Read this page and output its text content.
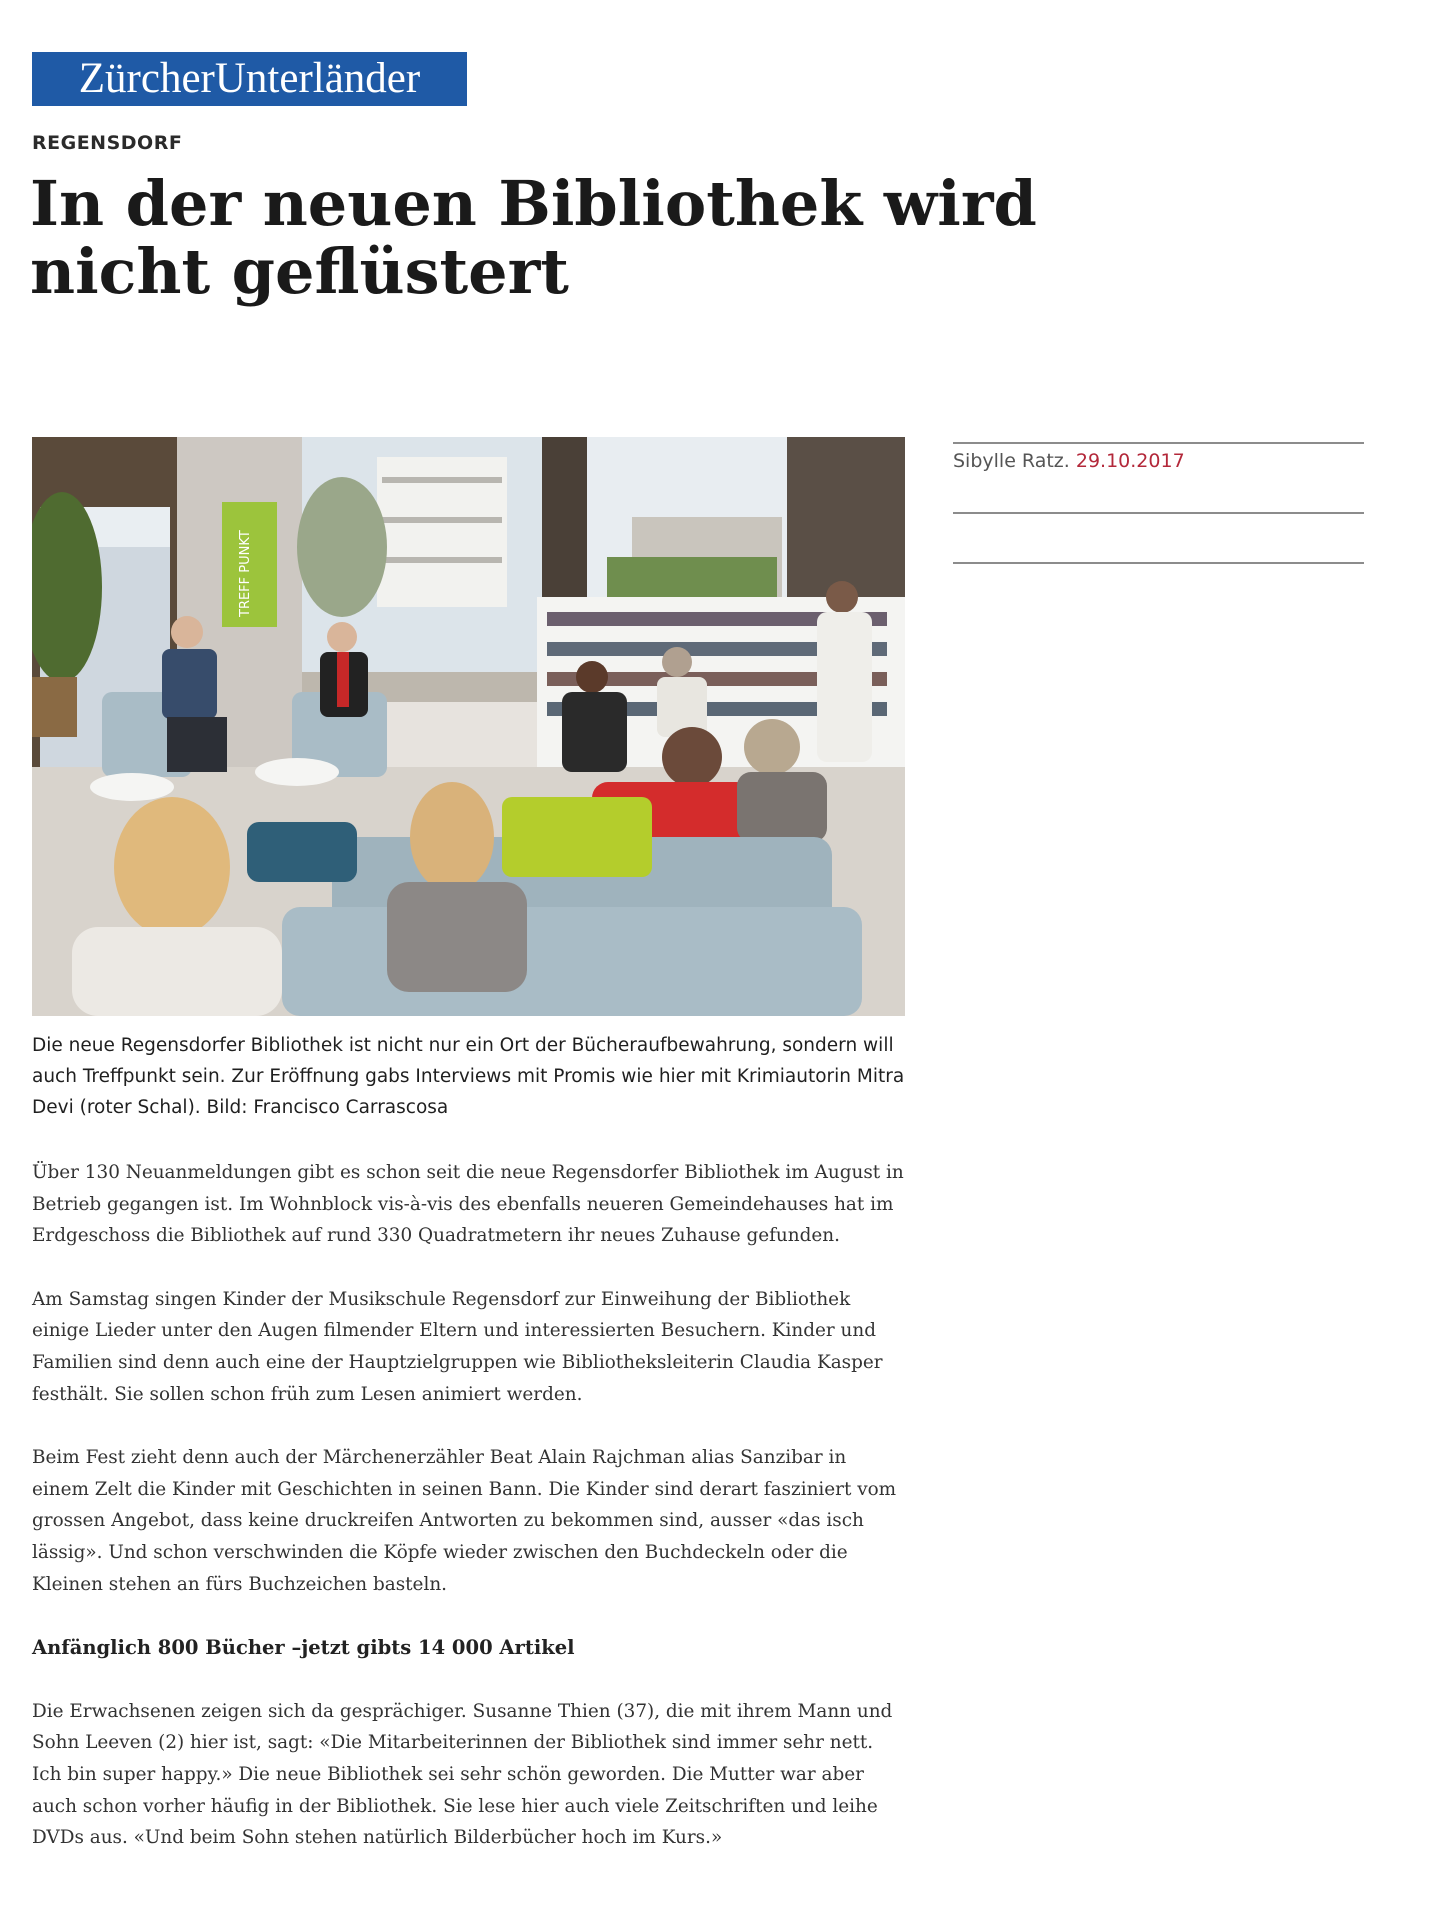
ZürcherUnterländer
REGENSDORF
In der neuen Bibliothek wird nicht geflüstert
Sibylle Ratz. 29.10.2017
TREFF PUNKT

Die neue Regensdorfer Bibliothek ist nicht nur ein Ort der Bücheraufbewahrung, sondern will auch Treffpunkt sein. Zur Eröffnung gabs Interviews mit Promis wie hier mit Krimiautorin Mitra Devi (roter Schal). Bild: Francisco Carrascosa

Über 130 Neuanmeldungen gibt es schon seit die neue Regensdorfer Bibliothek im August in Betrieb gegangen ist. Im Wohnblock vis-à-vis des ebenfalls neueren Gemeindehauses hat im Erdgeschoss die Bibliothek auf rund 330 Quadratmetern ihr neues Zuhause gefunden.

Am Samstag singen Kinder der Musikschule Regensdorf zur Einweihung der Bibliothek einige Lieder unter den Augen filmender Eltern und interessierten Besuchern. Kinder und Familien sind denn auch eine der Hauptzielgruppen wie Bibliotheksleiterin Claudia Kasper festhält. Sie sollen schon früh zum Lesen animiert werden.

Beim Fest zieht denn auch der Märchenerzähler Beat Alain Rajchman alias Sanzibar in einem Zelt die Kinder mit Geschichten in seinen Bann. Die Kinder sind derart fasziniert vom grossen Angebot, dass keine druckreifen Antworten zu bekommen sind, ausser «das isch lässig». Und schon verschwinden die Köpfe wieder zwischen den Buchdeckeln oder die Kleinen stehen an fürs Buchzeichen basteln.

Anfänglich 800 Bücher –jetzt gibts 14 000 Artikel

Die Erwachsenen zeigen sich da gesprächiger. Susanne Thien (37), die mit ihrem Mann und Sohn Leeven (2) hier ist, sagt: «Die Mitarbeiterinnen der Bibliothek sind immer sehr nett. Ich bin super happy.» Die neue Bibliothek sei sehr schön geworden. Die Mutter war aber auch schon vorher häufig in der Bibliothek. Sie lese hier auch viele Zeitschriften und leihe DVDs aus. «Und beim Sohn stehen natürlich Bilderbücher hoch im Kurs.»
